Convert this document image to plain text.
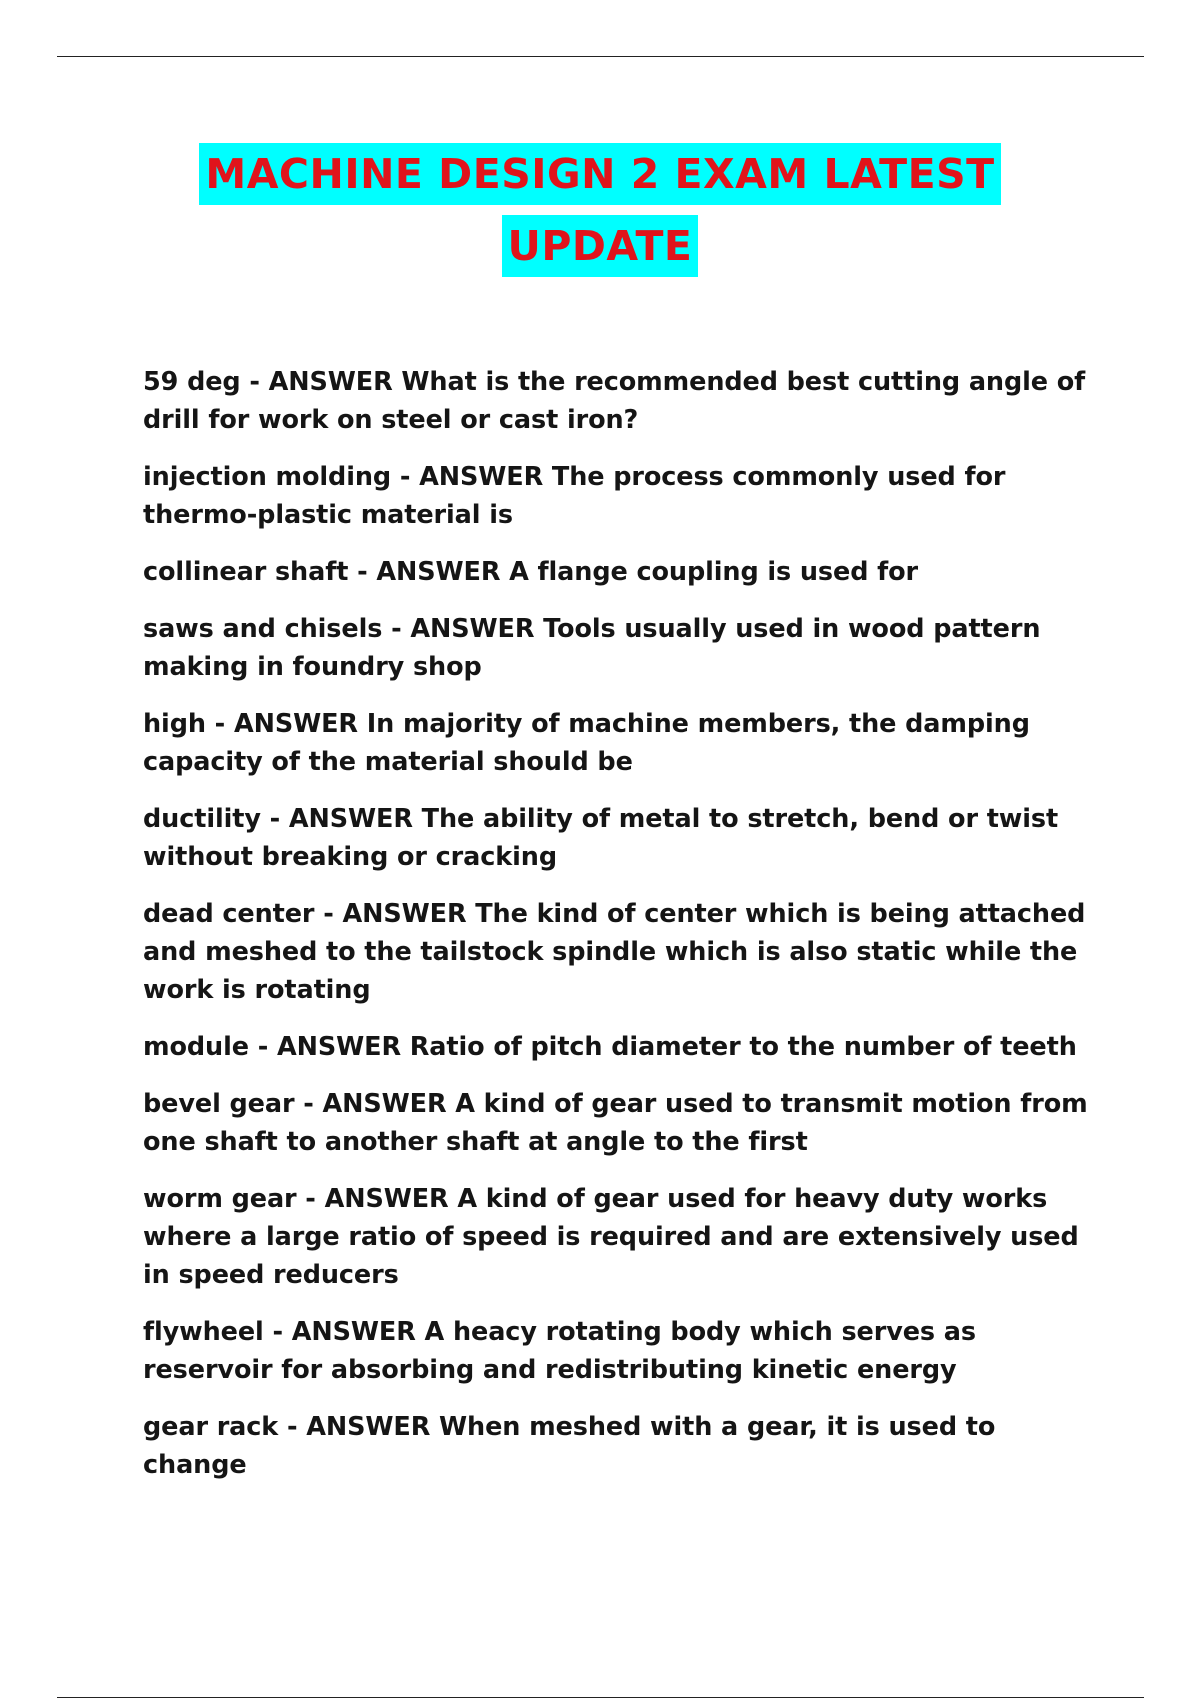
MACHINE DESIGN 2 EXAM LATEST
UPDATE
59 deg - ANSWER What is the recommended best cutting angle of drill for work on steel or cast iron?
injection molding - ANSWER The process commonly used for thermo-plastic material is
collinear shaft - ANSWER A flange coupling is used for
saws and chisels - ANSWER Tools usually used in wood pattern making in foundry shop
high - ANSWER In majority of machine members, the damping capacity of the material should be
ductility - ANSWER The ability of metal to stretch, bend or twist without breaking or cracking
dead center - ANSWER The kind of center which is being attached and meshed to the tailstock spindle which is also static while the work is rotating
module - ANSWER Ratio of pitch diameter to the number of teeth
bevel gear - ANSWER A kind of gear used to transmit motion from one shaft to another shaft at angle to the first
worm gear - ANSWER A kind of gear used for heavy duty works where a large ratio of speed is required and are extensively used in speed reducers
flywheel - ANSWER A heacy rotating body which serves as reservoir for absorbing and redistributing kinetic energy
gear rack - ANSWER When meshed with a gear, it is used to change
